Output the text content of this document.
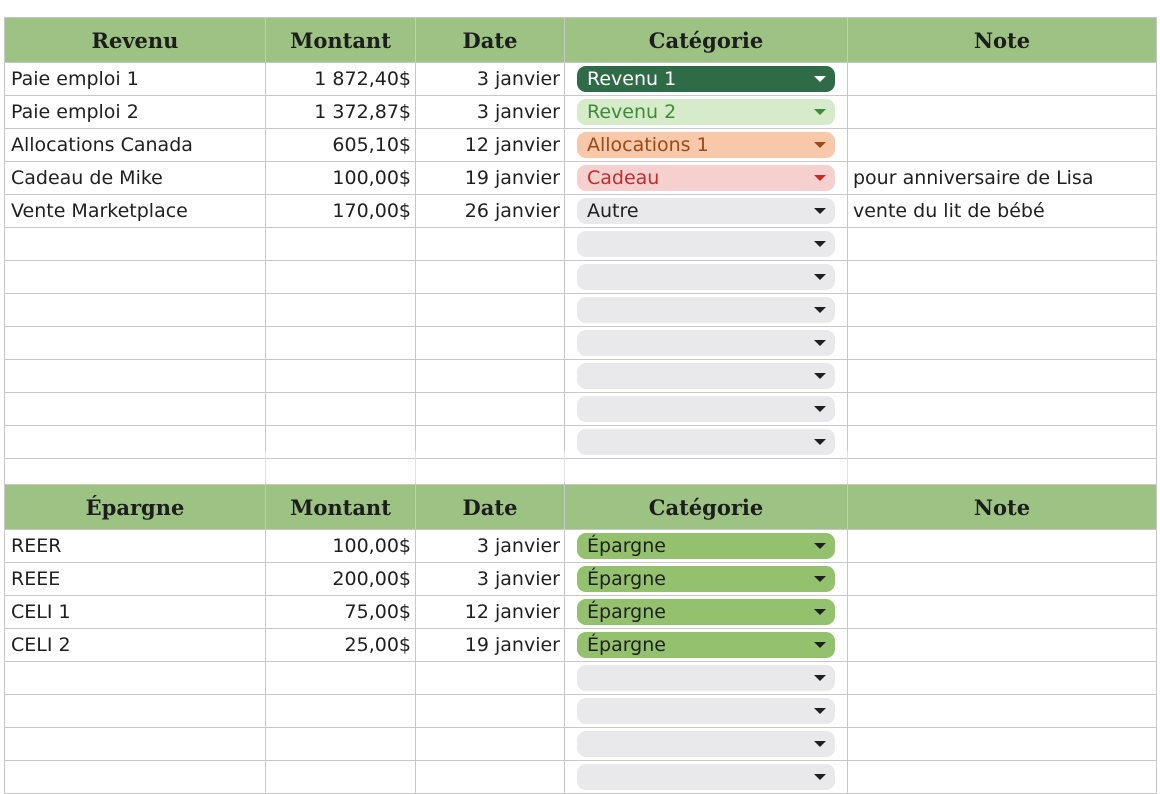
Revenu	Montant	Date	Catégorie	Note
Paie emploi 1	1 872,40$	3 janvier	Revenu 1	

Paie emploi 2	1 372,87$	3 janvier	Revenu 2	

Allocations Canada	605,10$	12 janvier	Allocations 1	

Cadeau de Mike	100,00$	19 janvier	Cadeau	pour anniversaire de Lisa
Vente Marketplace	170,00$	26 janvier	Autre	vente du lit de bébé

Épargne	Montant	Date	Catégorie	Note
REER	100,00$	3 janvier	Épargne	

REEE	200,00$	3 janvier	Épargne	

CELI 1	75,00$	12 janvier	Épargne	

CELI 2	25,00$	19 janvier	Épargne	
